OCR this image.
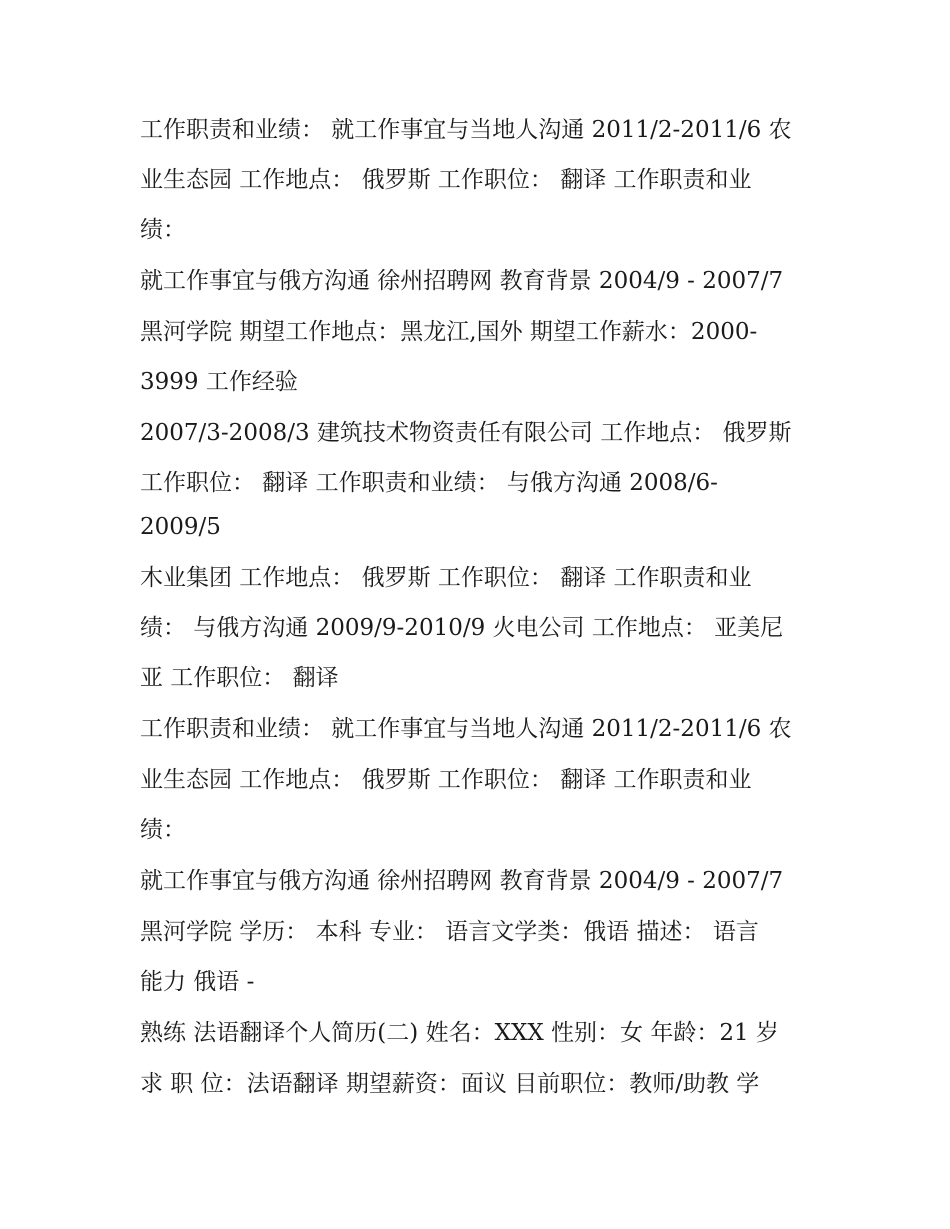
工作职责和业绩： 就工作事宜与当地人沟通 2011/2-2011/6 农
业生态园 工作地点： 俄罗斯 工作职位： 翻译 工作职责和业
绩：
就工作事宜与俄方沟通 徐州招聘网 教育背景 2004/9 - 2007/7
黑河学院 期望工作地点：黑龙江,国外 期望工作薪水：2000-
3999 工作经验
2007/3-2008/3 建筑技术物资责任有限公司 工作地点： 俄罗斯
工作职位： 翻译 工作职责和业绩： 与俄方沟通 2008/6-
2009/5
木业集团 工作地点： 俄罗斯 工作职位： 翻译 工作职责和业
绩： 与俄方沟通 2009/9-2010/9 火电公司 工作地点： 亚美尼
亚 工作职位： 翻译
工作职责和业绩： 就工作事宜与当地人沟通 2011/2-2011/6 农
业生态园 工作地点： 俄罗斯 工作职位： 翻译 工作职责和业
绩：
就工作事宜与俄方沟通 徐州招聘网 教育背景 2004/9 - 2007/7
黑河学院 学历： 本科 专业： 语言文学类：俄语 描述： 语言
能力 俄语 -
熟练 法语翻译个人简历(二) 姓名：XXX 性别：女 年龄：21 岁
求 职 位：法语翻译 期望薪资：面议 目前职位：教师/助教 学
